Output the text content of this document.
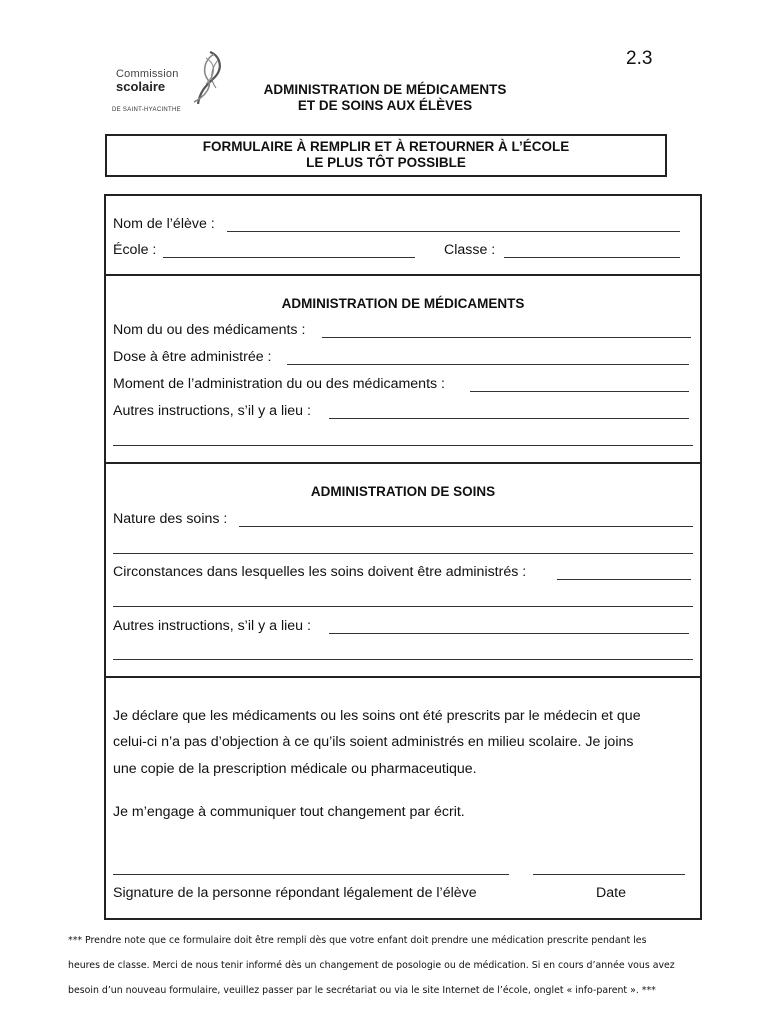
2.3
Commission
scolaire
DE SAINT-HYACINTHE
ADMINISTRATION DE MÉDICAMENTS
ET DE SOINS AUX ÉLÈVES
FORMULAIRE À REMPLIR ET À RETOURNER À L’ÉCOLE
LE PLUS TÔT POSSIBLE
Nom de l’élève :
École :	Classe :
ADMINISTRATION DE MÉDICAMENTS
Nom du ou des médicaments :
Dose à être administrée :
Moment de l’administration du ou des médicaments :
Autres instructions, s’il y a lieu :
ADMINISTRATION DE SOINS
Nature des soins :
Circonstances dans lesquelles les soins doivent être administrés :
Autres instructions, s’il y a lieu :
Je déclare que les médicaments ou les soins ont été prescrits par le médecin et que
celui-ci n’a pas d’objection à ce qu’ils soient administrés en milieu scolaire. Je joins
une copie de la prescription médicale ou pharmaceutique.
Je m’engage à communiquer tout changement par écrit.
Signature de la personne répondant légalement de l’élève	Date
*** Prendre note que ce formulaire doit être rempli dès que votre enfant doit prendre une médication prescrite pendant les
heures de classe. Merci de nous tenir informé dès un changement de posologie ou de médication. Si en cours d’année vous avez
besoin d’un nouveau formulaire, veuillez passer par le secrétariat ou via le site Internet de l’école, onglet « info-parent ». ***
